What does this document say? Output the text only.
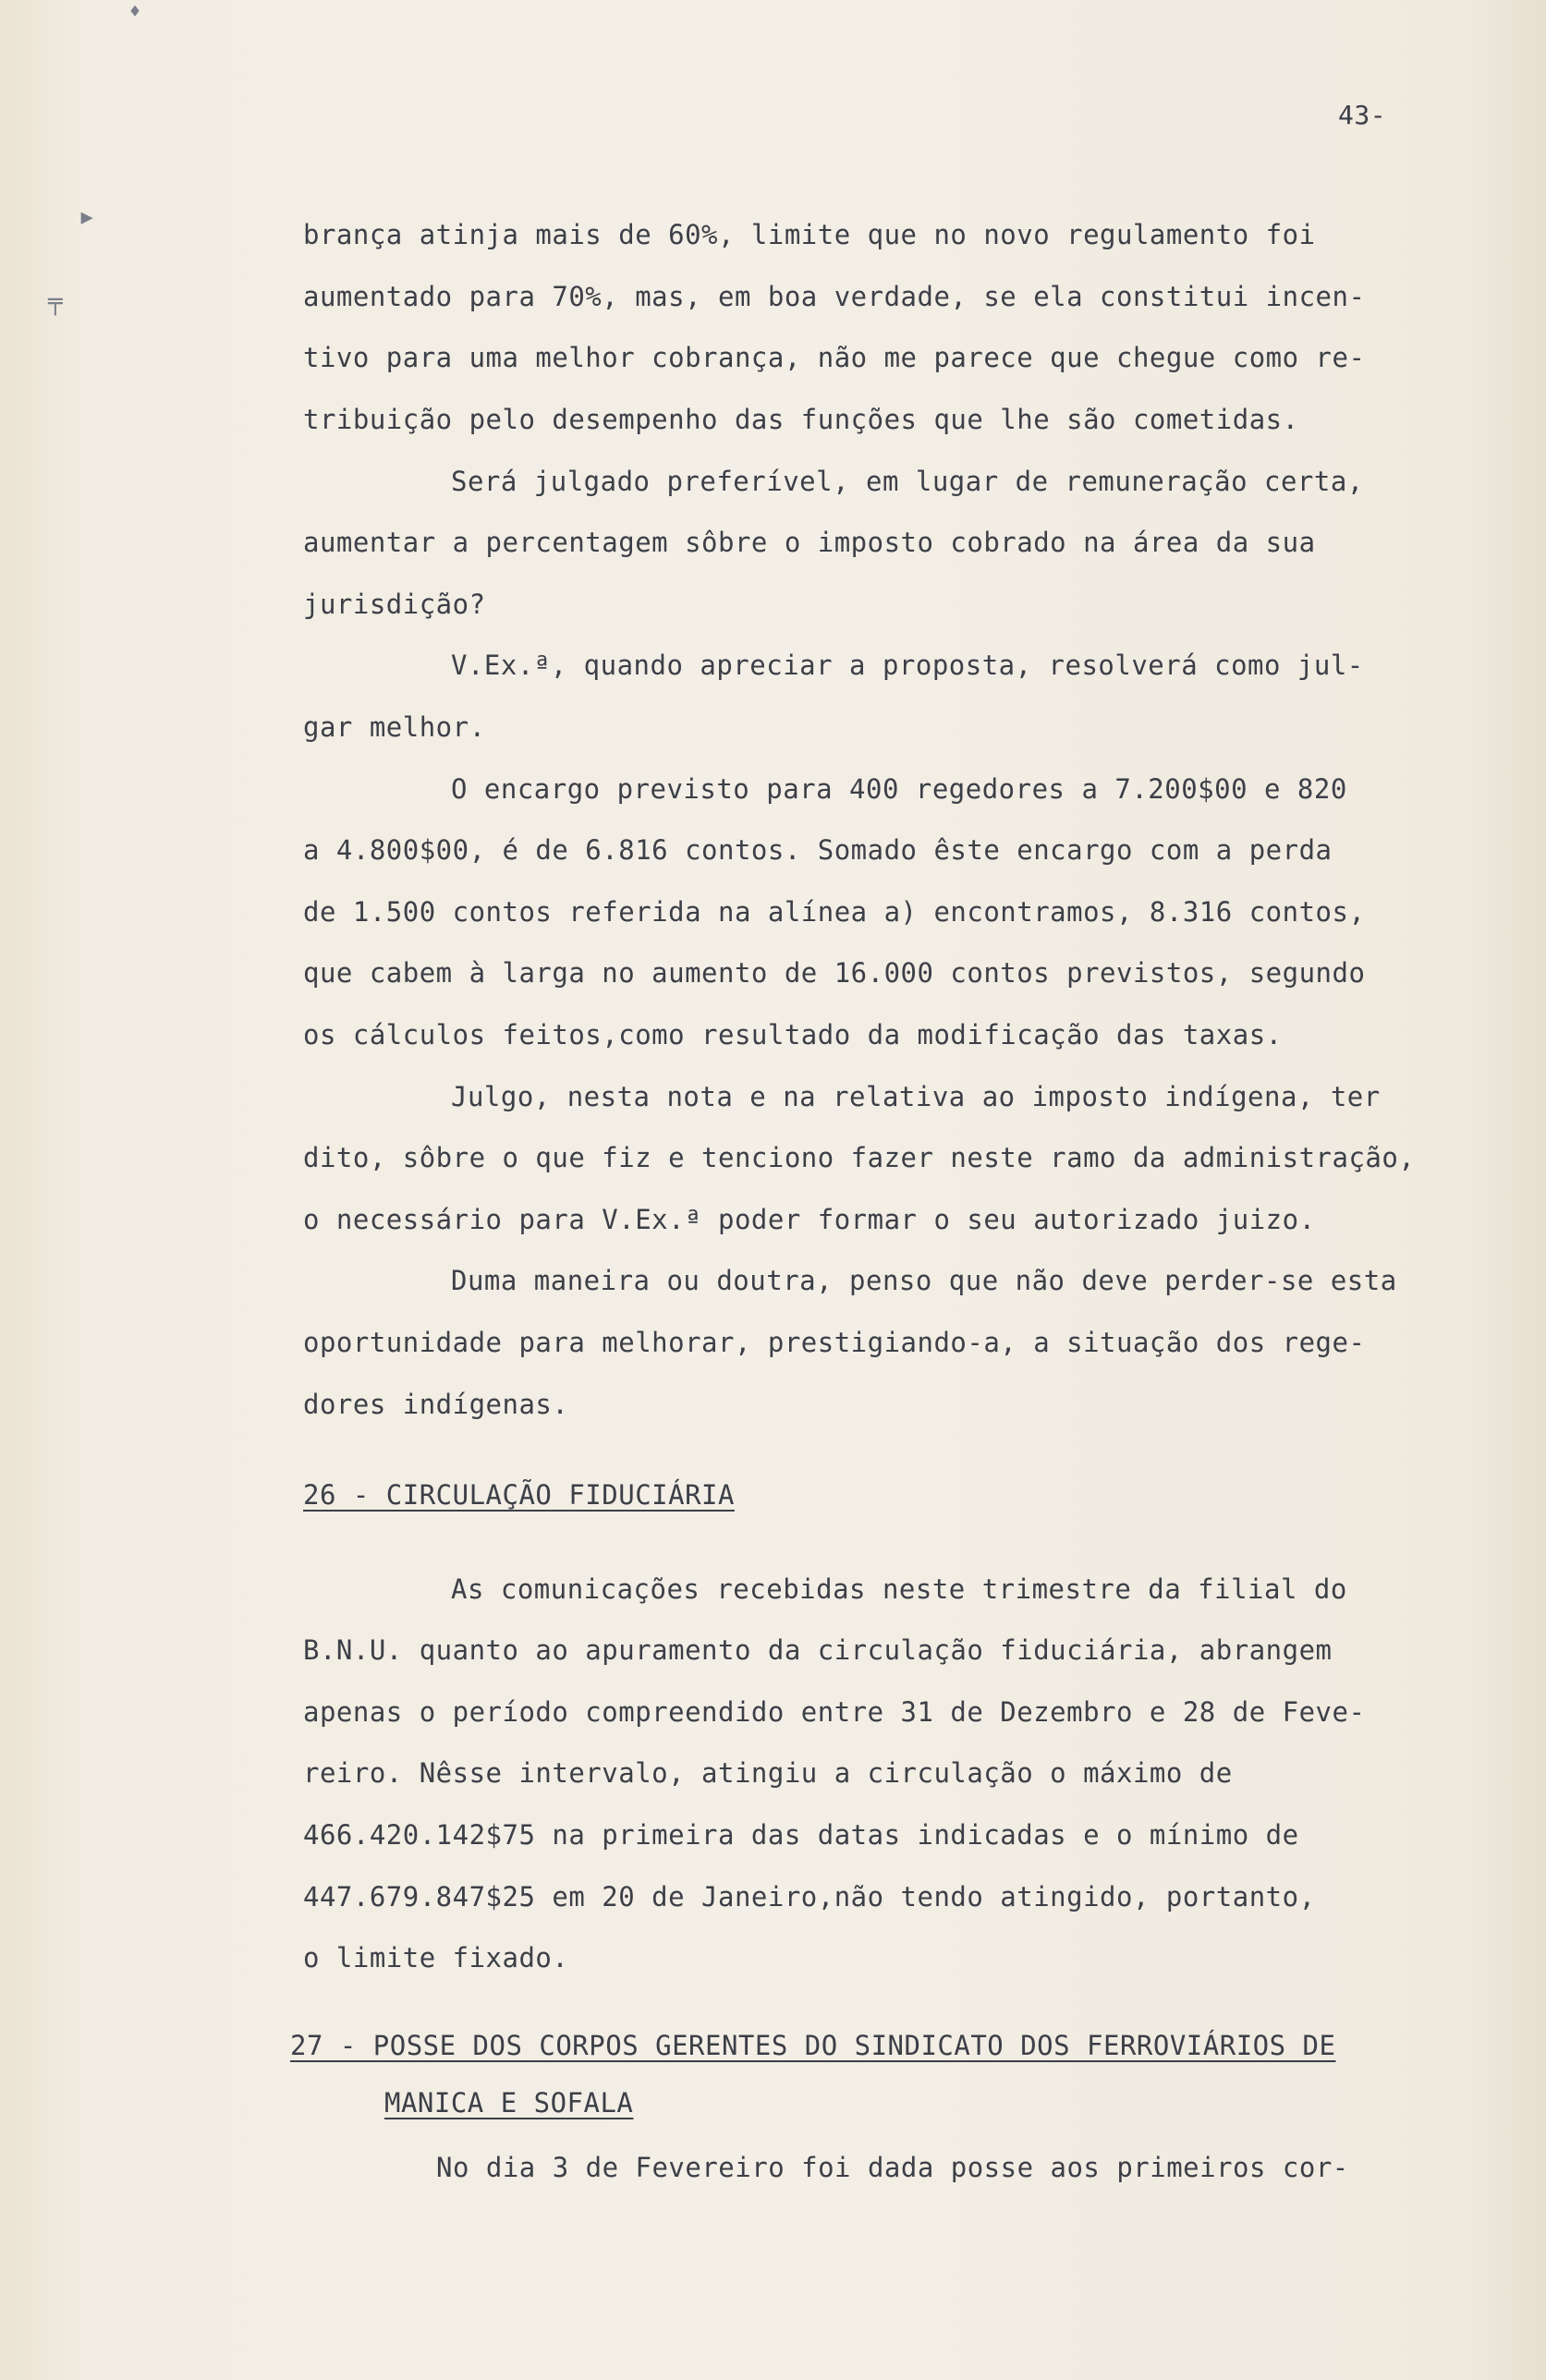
♦
▸
╤
43-

brança atinja mais de 60%, limite que no novo regulamento foi

aumentado para 70%, mas, em boa verdade, se ela constitui incen-

tivo para uma melhor cobrança, não me parece que chegue como re-

tribuição pelo desempenho das funções que lhe são cometidas.

Será julgado preferível, em lugar de remuneração certa,

aumentar a percentagem sôbre o imposto cobrado na área da sua

jurisdição?

V.Ex.ª, quando apreciar a proposta, resolverá como jul-

gar melhor.

O encargo previsto para 400 regedores a 7.200$00 e 820

a 4.800$00, é de 6.816 contos. Somado êste encargo com a perda

de 1.500 contos referida na alínea a) encontramos, 8.316 contos,

que cabem à larga no aumento de 16.000 contos previstos, segundo

os cálculos feitos,como resultado da modificação das taxas.

Julgo, nesta nota e na relativa ao imposto indígena, ter

dito, sôbre o que fiz e tenciono fazer neste ramo da administração,

o necessário para V.Ex.ª poder formar o seu autorizado juizo.

Duma maneira ou doutra, penso que não deve perder-se esta

oportunidade para melhorar, prestigiando-a, a situação dos rege-

dores indígenas.

26 - CIRCULAÇÃO FIDUCIÁRIA

As comunicações recebidas neste trimestre da filial do

B.N.U. quanto ao apuramento da circulação fiduciária, abrangem

apenas o período compreendido entre 31 de Dezembro e 28 de Feve-

reiro. Nêsse intervalo, atingiu a circulação o máximo de

466.420.142$75 na primeira das datas indicadas e o mínimo de

447.679.847$25 em 20 de Janeiro,não tendo atingido, portanto,

o limite fixado.

27 - POSSE DOS CORPOS GERENTES DO SINDICATO DOS FERROVIÁRIOS DE

MANICA E SOFALA

No dia 3 de Fevereiro foi dada posse aos primeiros cor-
